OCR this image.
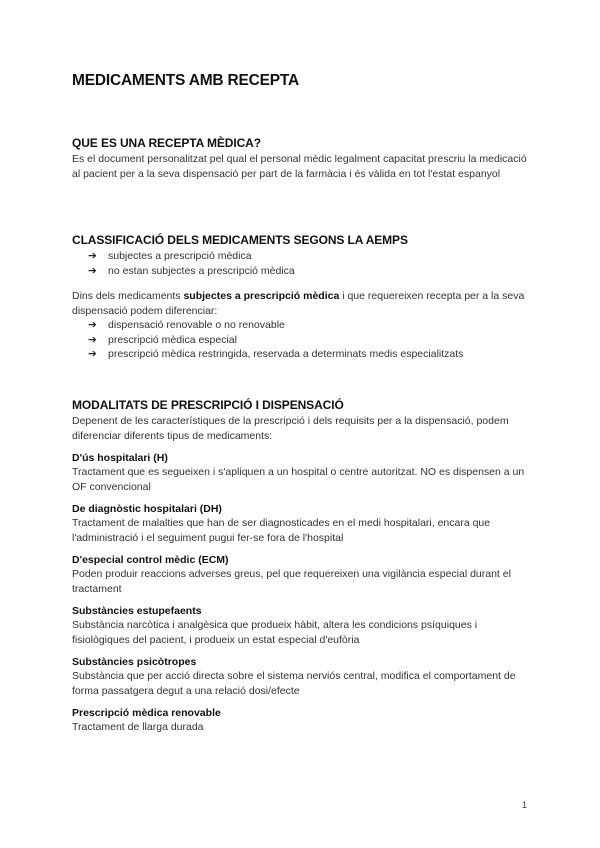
MEDICAMENTS AMB RECEPTA
QUE ES UNA RECEPTA MÈDICA?

Es el document personalitzat pel qual el personal mèdic legalment capacitat prescriu la medicació al pacient per a la seva dispensació per part de la farmàcia i és vàlida en tot l'estat espanyol

CLASSIFICACIÓ DELS MEDICAMENTS SEGONS LA AEMPS
➔ subjectes a prescripció mèdica
➔ no estan subjectes a prescripció mèdica

Dins dels medicaments subjectes a prescripció mèdica i que requereixen recepta per a la seva dispensació podem diferenciar:

➔ dispensació renovable o no renovable
➔ prescripció mèdica especial
➔ prescripció mèdica restringida, reservada a determinats medis especialitzats
MODALITATS DE PRESCRIPCIÓ I DISPENSACIÓ

Depenent de les característiques de la prescripció i dels requisits per a la dispensació, podem diferenciar diferents tipus de medicaments:

D'ús hospitalari (H)

Tractament que es segueixen i s'apliquen a un hospital o centre autoritzat. NO es dispensen a un OF convencional

De diagnòstic hospitalari (DH)

Tractament de malalties que han de ser diagnosticades en el medi hospitalari, encara que l'administració i el seguiment pugui fer-se fora de l'hospital

D'especial control mèdic (ECM)

Poden produir reaccions adverses greus, pel que requereixen una vigilància especial durant el tractament

Substàncies estupefaents

Substància narcòtica i analgèsica que produeix hàbit, altera les condicions psíquiques i fisiològiques del pacient, i produeix un estat especial d'eufòria

Substàncies psicòtropes

Substància que per acció directa sobre el sistema nerviós central, modifica el comportament de forma passatgera degut a una relació dosi/efecte

Prescripció mèdica renovable

Tractament de llarga durada

1
